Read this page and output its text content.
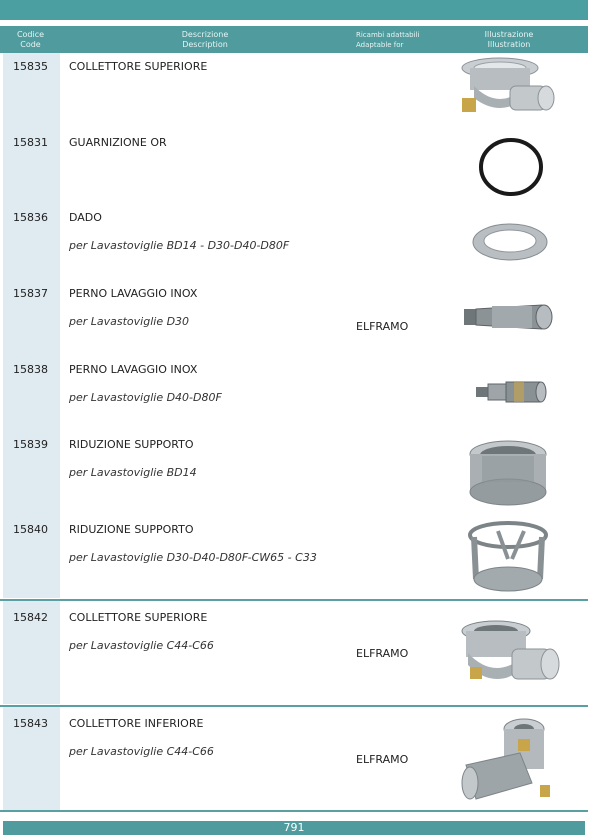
Codice
Code
Descrizione
Description
Ricambi adattabili
Adaptable for
Illustrazione
Illustration
15835 COLLETTORE SUPERIORE
15831 GUARNIZIONE OR
15836 DADO
per Lavastoviglie BD14 - D30-D40-D80F
15837 PERNO LAVAGGIO INOX
per Lavastoviglie D30	ELFRAMO
15838 PERNO LAVAGGIO INOX
per Lavastoviglie D40-D80F
15839 RIDUZIONE SUPPORTO
per Lavastoviglie BD14
15840 RIDUZIONE SUPPORTO
per Lavastoviglie D30-D40-D80F-CW65 - C33
15842 COLLETTORE SUPERIORE
per Lavastoviglie C44-C66
ELFRAMO
15843 COLLETTORE INFERIORE
per Lavastoviglie C44-C66
ELFRAMO
791
